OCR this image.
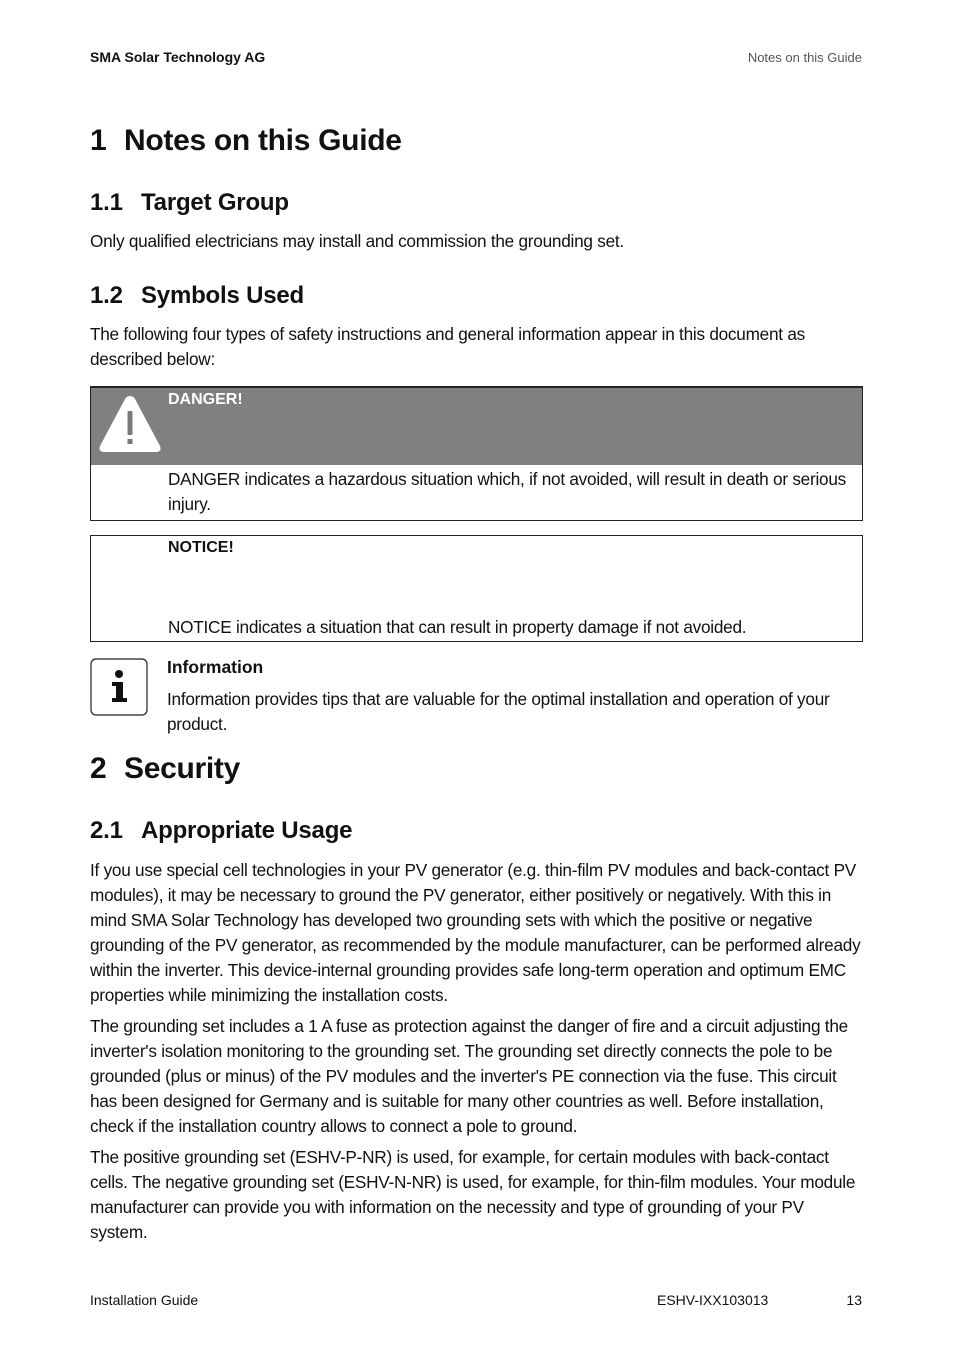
SMA Solar Technology AG	Notes on this Guide
1 Notes on this Guide
1.1 Target Group
Only qualified electricians may install and commission the grounding set.
1.2 Symbols Used
The following four types of safety instructions and general information appear in this document as described below:
DANGER!
DANGER indicates a hazardous situation which, if not avoided, will result in death or serious injury.
NOTICE!
NOTICE indicates a situation that can result in property damage if not avoided.
Information
Information provides tips that are valuable for the optimal installation and operation of your product.
2 Security
2.1 Appropriate Usage

If you use special cell technologies in your PV generator (e.g. thin-film PV modules and back-contact PV modules), it may be necessary to ground the PV generator, either positively or negatively. With this in mind SMA Solar Technology has developed two grounding sets with which the positive or negative grounding of the PV generator, as recommended by the module manufacturer, can be performed already within the inverter. This device-internal grounding provides safe long-term operation and optimum EMC properties while minimizing the installation costs.

The grounding set includes a 1 A fuse as protection against the danger of fire and a circuit adjusting the inverter's isolation monitoring to the grounding set. The grounding set directly connects the pole to be grounded (plus or minus) of the PV modules and the inverter's PE connection via the fuse. This circuit has been designed for Germany and is suitable for many other countries as well. Before installation, check if the installation country allows to connect a pole to ground.

The positive grounding set (ESHV-P-NR) is used, for example, for certain modules with back-contact cells. The negative grounding set (ESHV-N-NR) is used, for example, for thin-film modules. Your module manufacturer can provide you with information on the necessity and type of grounding of your PV system.

Installation Guide	ESHV-IXX103013	13
